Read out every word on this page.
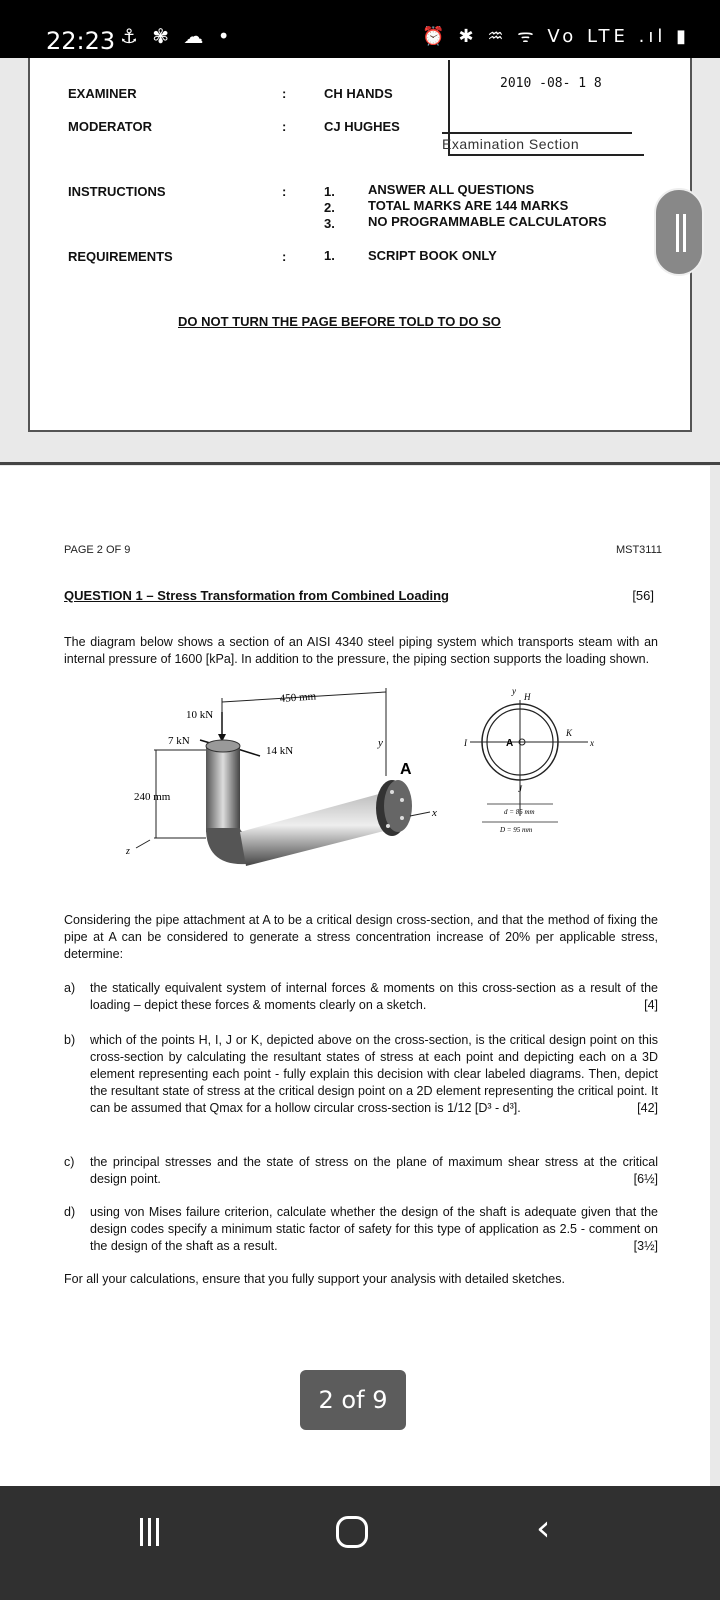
22:23 ⚓ ✾ ☁ •	⏰ ✱ ♒ ᯤ Vo LTE .ıl ▮
EXAMINER	:	CH HANDS
MODERATOR	:	CJ HUGHES
2010 -08- 1 8
Examination Section
INSTRUCTIONS	:	1.	ANSWER ALL QUESTIONS
2.	TOTAL MARKS ARE 144 MARKS
3.	NO PROGRAMMABLE CALCULATORS
REQUIREMENTS	:	1.	SCRIPT BOOK ONLY
DO NOT TURN THE PAGE BEFORE TOLD TO DO SO
PAGE 2 OF 9	MST3111
QUESTION 1 – Stress Transformation from Combined Loading	[56]

The diagram below shows a section of an AISI 4340 steel piping system which transports steam with an internal pressure of 1600 [kPa]. In addition to the pressure, the piping section supports the loading shown.

450 mm
10 kN
7 kN
14 kN
A
y
x
240 mm
z
y
H
I	A
K
x
J
d = 85 mm
D = 95 mm

Considering the pipe attachment at A to be a critical design cross-section, and that the method of fixing the pipe at A can be considered to generate a stress concentration increase of 20% per applicable stress, determine:

a) the statically equivalent system of internal forces & moments on this cross-section as a result of the loading – depict these forces & moments clearly on a sketch.	[4]
b) which of the points H, I, J or K, depicted above on the cross-section, is the critical design point on this cross-section by calculating the resultant states of stress at each point and depicting each on a 3D element representing each point - fully explain this decision with clear labeled diagrams. Then, depict the resultant state of stress at the critical design point on a 2D element representing the critical point. It can be assumed that Qmax for a hollow circular cross-section is 1/12 [D³ - d³].	[42]
c) the principal stresses and the state of stress on the plane of maximum shear stress at the critical design point.	[6½]
d) using von Mises failure criterion, calculate whether the design of the shaft is adequate given that the design codes specify a minimum static factor of safety for this type of application as 2.5 - comment on the design of the shaft as a result.	[3½]

For all your calculations, ensure that you fully support your analysis with detailed sketches.

2 of 9
‹
